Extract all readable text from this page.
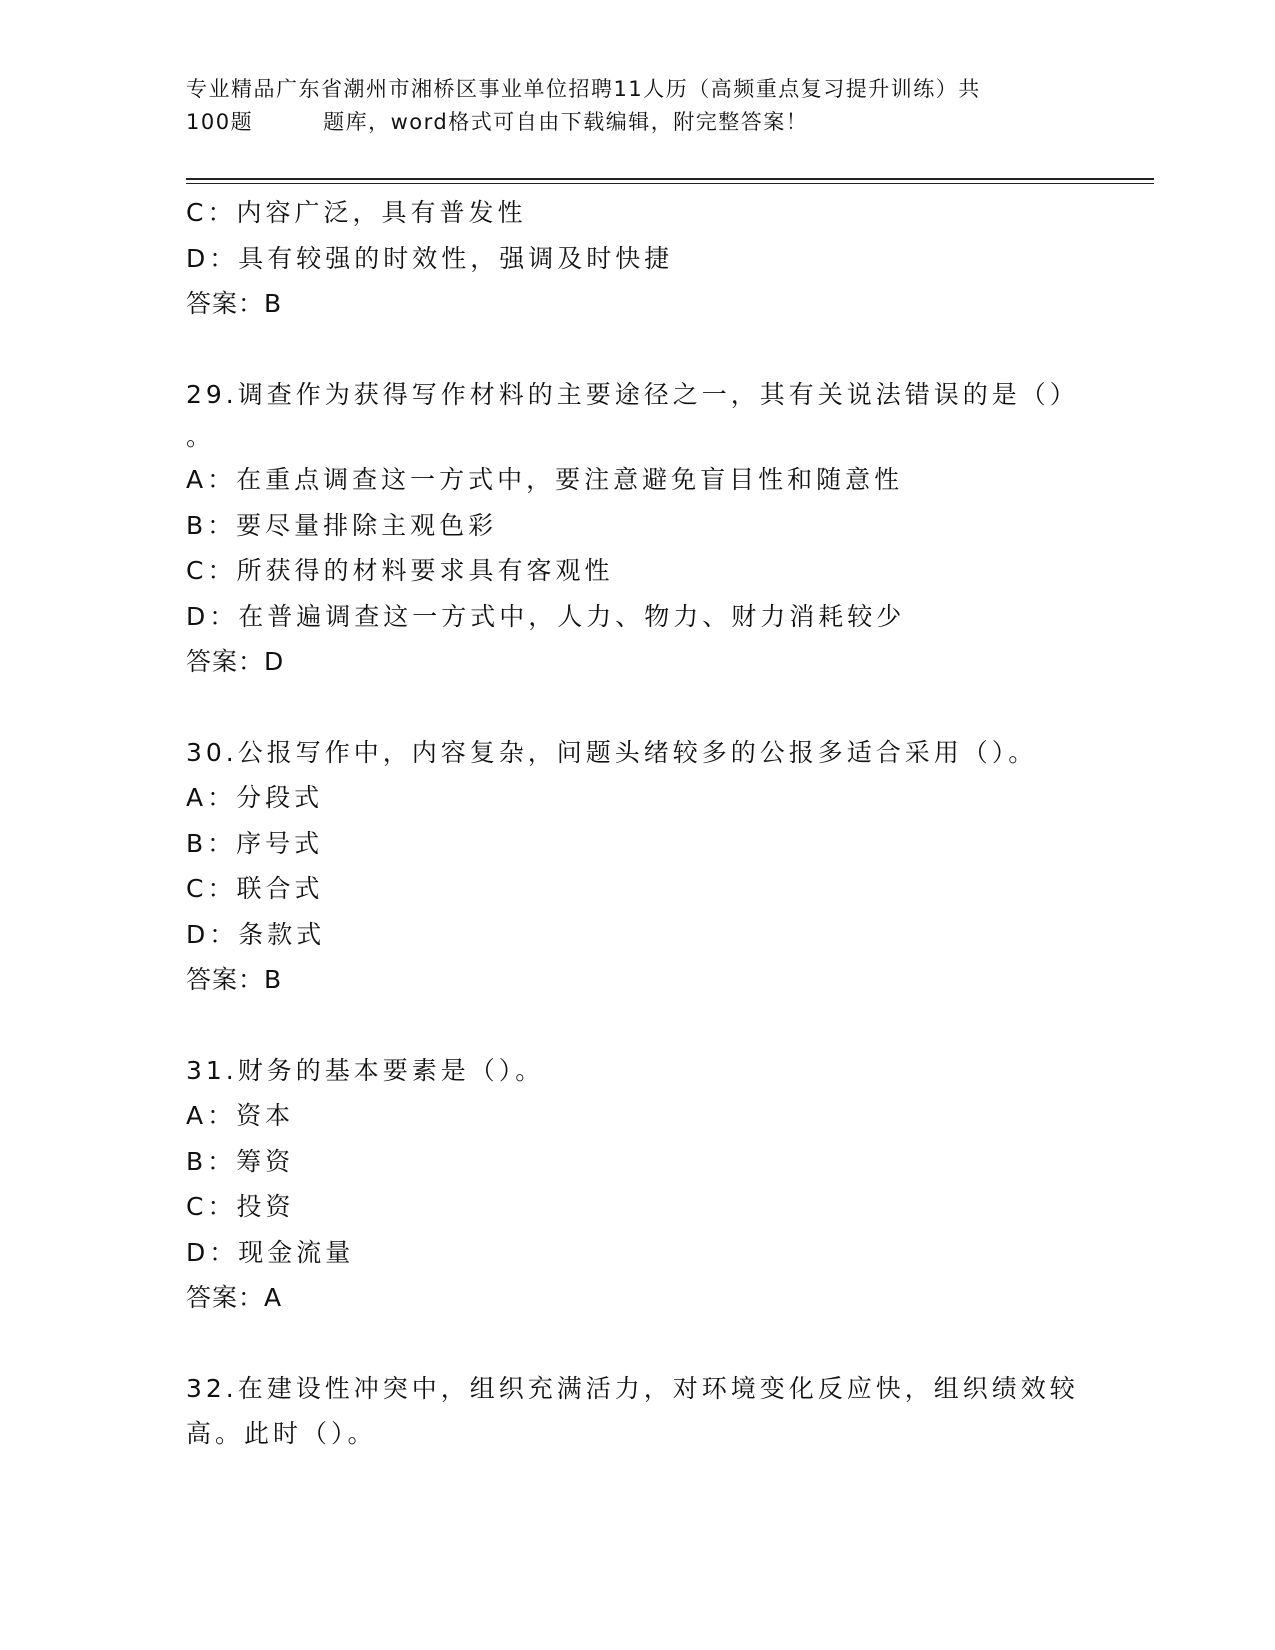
专业精品广东省潮州市湘桥区事业单位招聘11人历（高频重点复习提升训练）共
100题	题库，word格式可自由下载编辑，附完整答案！
C：内容广泛，具有普发性
D：具有较强的时效性，强调及时快捷
答案：B
29.调查作为获得写作材料的主要途径之一，其有关说法错误的是（）
。
A：在重点调查这一方式中，要注意避免盲目性和随意性
B：要尽量排除主观色彩
C：所获得的材料要求具有客观性
D：在普遍调查这一方式中，人力、物力、财力消耗较少
答案：D
30.公报写作中，内容复杂，问题头绪较多的公报多适合采用（）。
A：分段式
B：序号式
C：联合式
D：条款式
答案：B
31.财务的基本要素是（）。
A：资本
B：筹资
C：投资
D：现金流量
答案：A
32.在建设性冲突中，组织充满活力，对环境变化反应快，组织绩效较
高。此时（）。
